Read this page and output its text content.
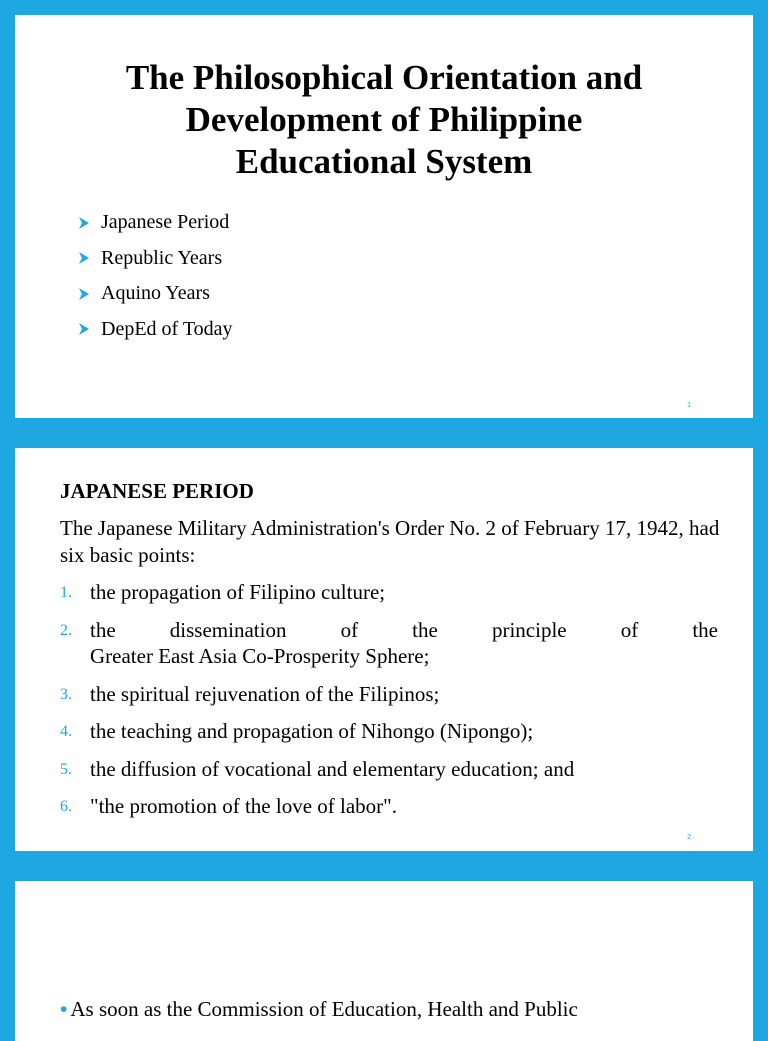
The Philosophical Orientation and
Development of Philippine
Educational System
Japanese Period
Republic Years
Aquino Years
DepEd of Today
1
JAPANESE PERIOD

The Japanese Military Administration's Order No. 2 of February 17, 1942, had six basic points:

1. the propagation of Filipino culture;
2. the dissemination of the principle of the
Greater East Asia Co-Prosperity Sphere;
3. the spiritual rejuvenation of the Filipinos;
4. the teaching and propagation of Nihongo (Nipongo);
5. the diffusion of vocational and elementary education; and
6. "the promotion of the love of labor".
2

• As soon as the Commission of Education, Health and Public
